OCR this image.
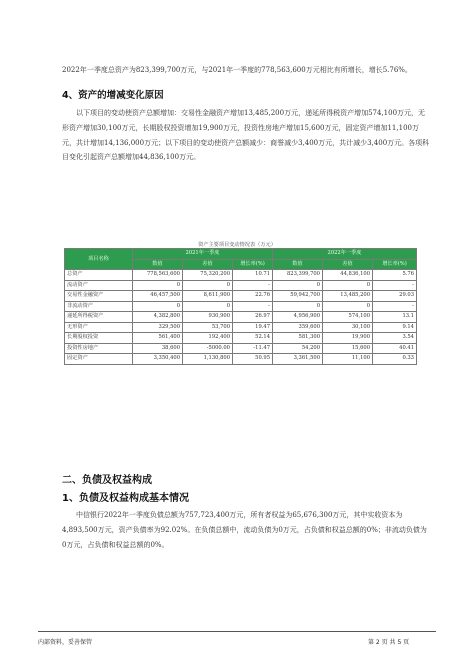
2022年一季度总资产为823,399,700万元，与2021年一季度的778,563,600万元相比有所增长，增长5.76%。
4、资产的增减变化原因
以下项目的变动使资产总额增加：交易性金融资产增加13,485,200万元，递延所得税资产增加574,100万元，无形资产增加30,100万元，长期股权投资增加19,900万元，投资性房地产增加15,600万元，固定资产增加11,100万元，共计增加14,136,000万元；以下项目的变动使资产总额减少：商誉减少3,400万元，共计减少3,400万元。各项科目变化引起资产总额增加44,836,100万元。
资产主要项目变动情况表（万元）
项目名称	2021年一季度			2022年一季度		
	数值	差值	增长率(%)	数值	差值	增长率(%)
总资产	778,563,600	75,320,200	10.71	823,399,700	44,836,100	5.76
流动资产	0	0	-	0	0	-
交易性金融资产	46,457,500	8,611,900	22.76	59,942,700	13,485,200	29.03
非流动资产	0	0	-	0	0	-
递延所得税资产	4,382,800	930,900	26.97	4,956,900	574,100	13.1
无形资产	329,500	53,700	19.47	359,600	30,100	9.14
长期股权投资	561,400	192,400	52.14	581,300	19,900	3.54
投资性房地产	38,600	-5000.00	-11.47	54,200	15,600	40.41
固定资产	3,350,400	1,130,800	50.95	3,361,500	11,100	0.33
二、负债及权益构成
1、负债及权益构成基本情况
中信银行2022年一季度负债总额为757,723,400万元，所有者权益为65,676,300万元，其中实收资本为4,893,500万元，资产负债率为92.02%。在负债总额中，流动负债为0万元，占负债和权益总额的0%；非流动负债为0万元，占负债和权益总额的0%。
内部资料，妥善保管	第 2 页 共 5 页
